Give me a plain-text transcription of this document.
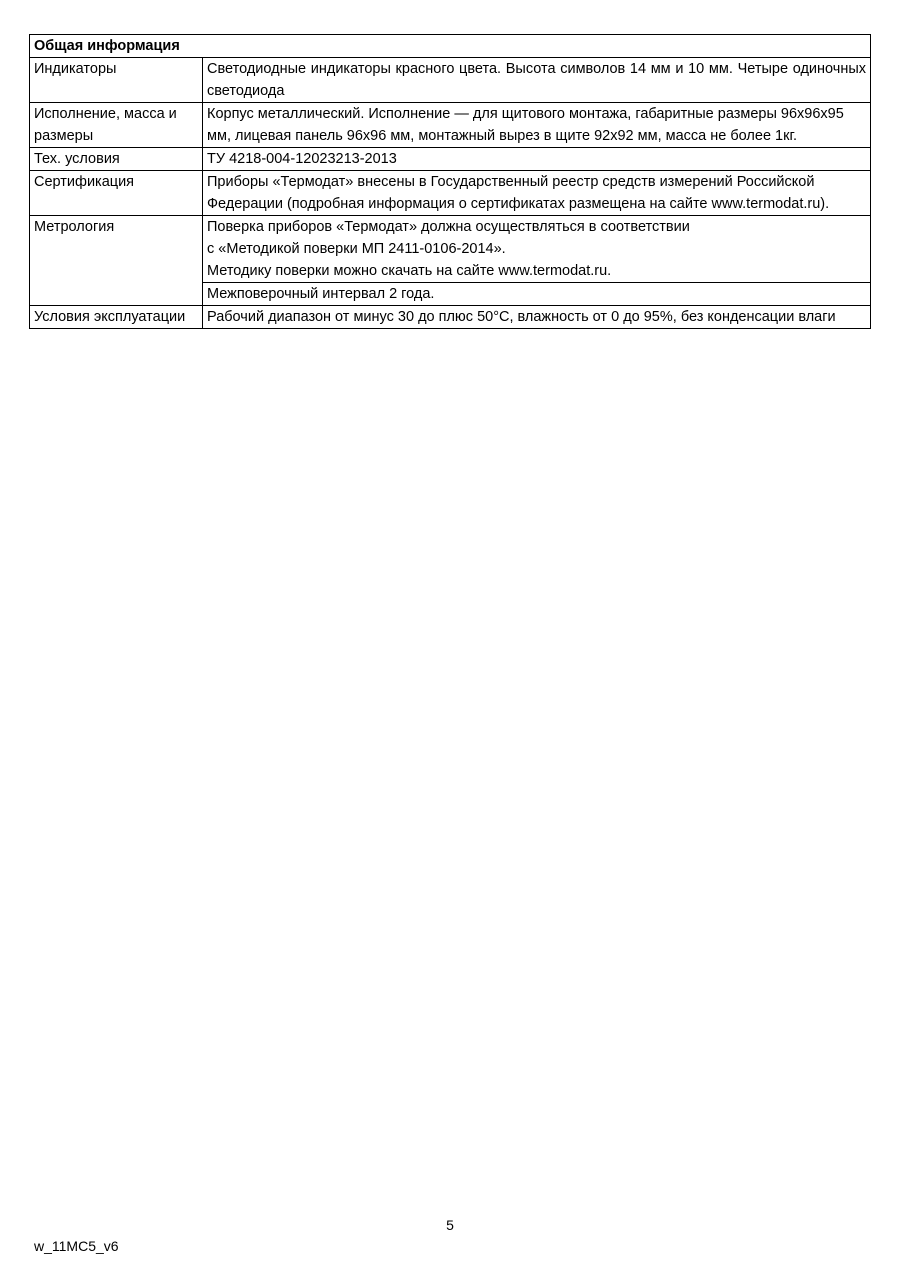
Общая информация	
Индикаторы	Светодиодные индикаторы красного цвета. Высота символов 14 мм и 10 мм. Четыре одиночных светодиода
Исполнение, масса и размеры	Корпус металлический. Исполнение — для щитового монтажа, габаритные размеры 96х96х95 мм, лицевая панель 96х96 мм, монтажный вырез в щите 92х92 мм, масса не более 1кг.
Тех. условия	ТУ 4218-004-12023213-2013
Сертификация	Приборы «Термодат» внесены в Государственный реестр средств измерений Российской Федерации (подробная информация о сертификатах размещена на сайте www.termodat.ru).
Метрология	Поверка приборов «Термодат» должна осуществляться в соответствии
с «Методикой поверки МП 2411-0106-2014».
Методику поверки можно скачать на сайте www.termodat.ru.

	Межповерочный интервал 2 года.
Условия эксплуатации	Рабочий диапазон от минус 30 до плюс 50°С, влажность от 0 до 95%, без конденсации влаги
5
w_11MC5_v6
